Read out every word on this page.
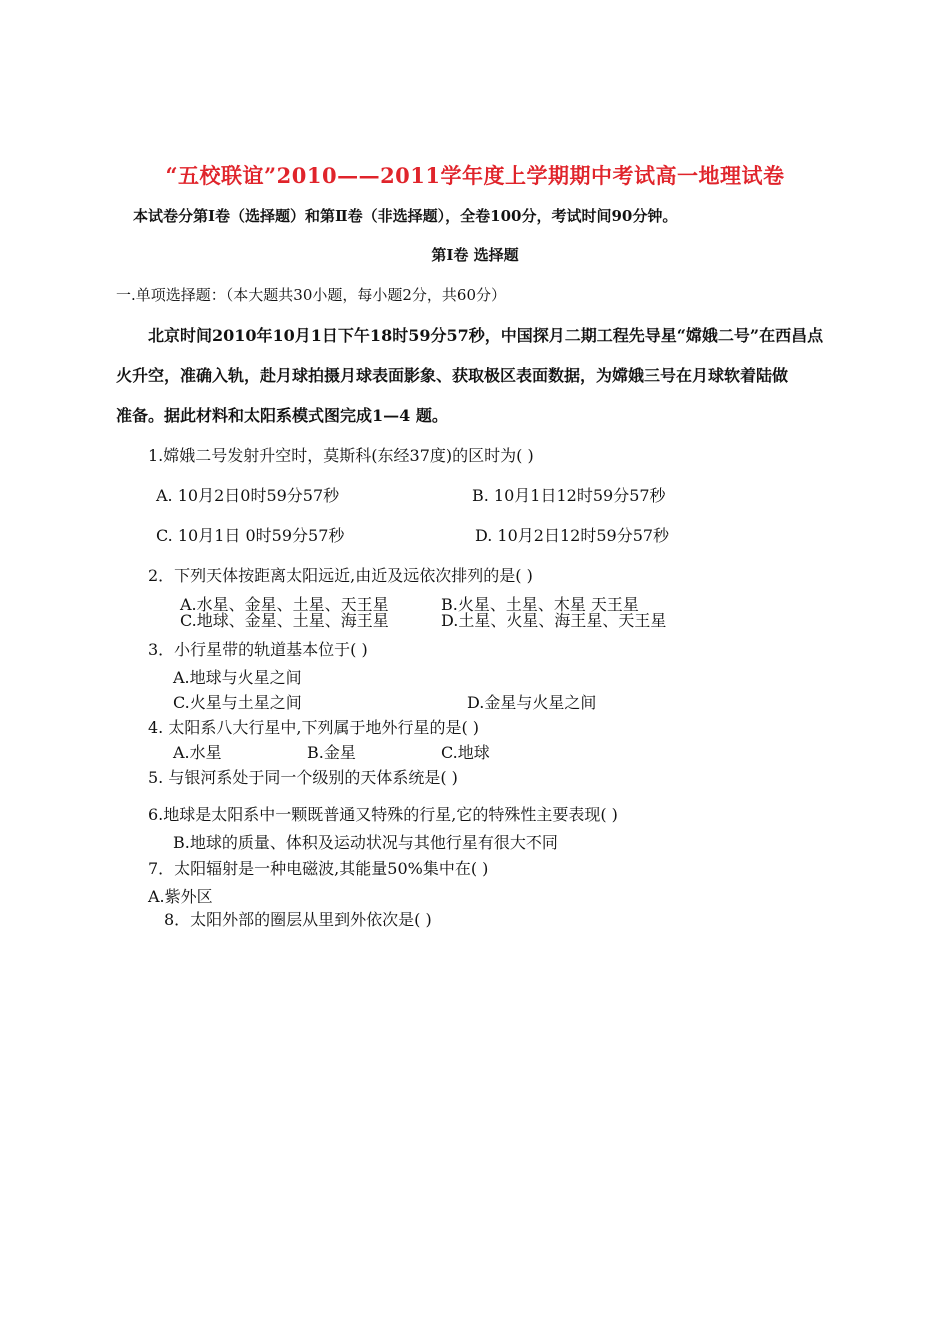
“五校联谊”2010——2011学年度上学期期中考试高一地理试卷
本试卷分第Ⅰ卷（选择题）和第Ⅱ卷（非选择题），全卷100分，考试时间90分钟。
第Ⅰ卷 选择题
一.单项选择题：（本大题共30小题，每小题2分，共60分）
北京时间2010年10月1日下午18时59分57秒，中国探月二期工程先导星“嫦娥二号”在西昌点
火升空，准确入轨，赴月球拍摄月球表面影象、获取极区表面数据，为嫦娥三号在月球软着陆做
准备。据此材料和太阳系模式图完成1—4 题。
1.嫦娥二号发射升空时，莫斯科(东经37度)的区时为( )
A. 10月2日0时59分57秒	B. 10月1日12时59分57秒
C. 10月1日 0时59分57秒	D. 10月2日12时59分57秒
2．下列天体按距离太阳远近,由近及远依次排列的是( )
A.水星、金星、土星、天王星	B.火星、土星、木星 天王星
C.地球、金星、土星、海王星	D.土星、火星、海王星、天王星
3．小行星带的轨道基本位于( )
A.地球与火星之间
C.火星与土星之间	D.金星与火星之间
4. 太阳系八大行星中,下列属于地外行星的是( )
A.水星	B.金星	C.地球
5. 与银河系处于同一个级别的天体系统是( )
6.地球是太阳系中一颗既普通又特殊的行星,它的特殊性主要表现( )
B.地球的质量、体积及运动状况与其他行星有很大不同
7．太阳辐射是一种电磁波,其能量50%集中在( )
A.紫外区
8．太阳外部的圈层从里到外依次是( )
